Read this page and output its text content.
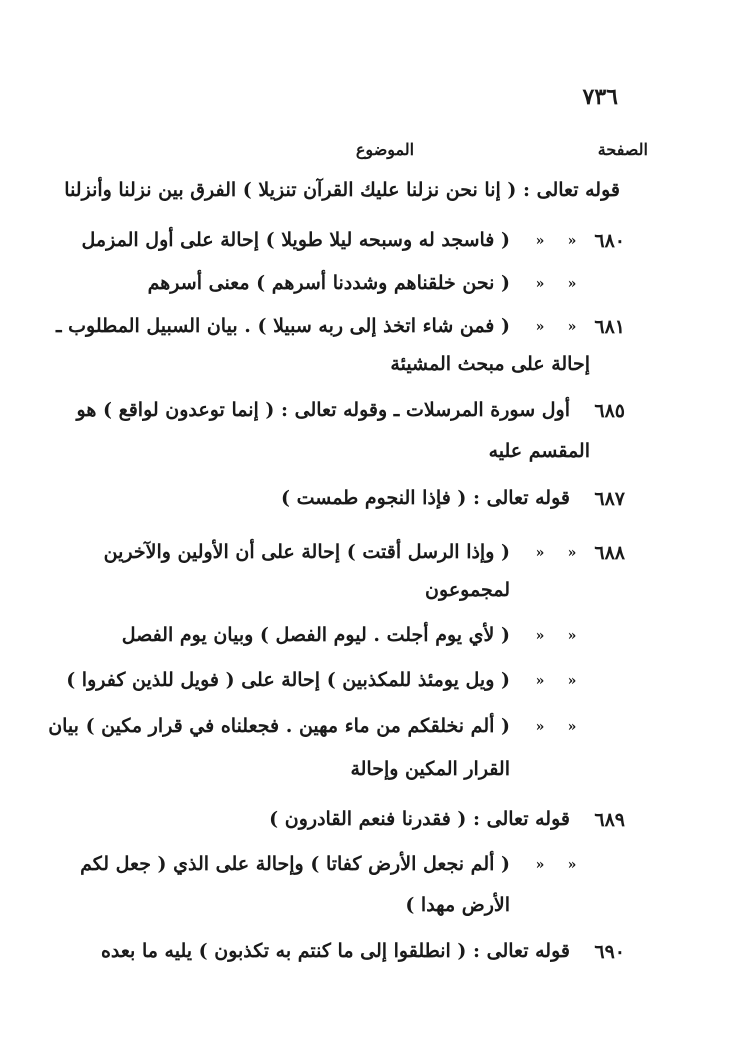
٧٣٦
الصفحة
الموضوع
قوله تعالى : ( إنا نحن نزلنا عليك القرآن تنزيلا ) الفرق بين نزلنا وأنزلنا
٦٨٠
»
»
( فاسجد له وسبحه ليلا طويلا ) إحالة على أول المزمل
»
»
( نحن خلقناهم وشددنا أسرهم ) معنى أسرهم
٦٨١
»
»
( فمن شاء اتخذ إلى ربه سبيلا ) . بيان السبيل المطلوب ـ
إحالة على مبحث المشيئة
٦٨٥
أول سورة المرسلات ـ وقوله تعالى : ( إنما توعدون لواقع ) هو
المقسم عليه
٦٨٧
قوله تعالى : ( فإذا النجوم طمست )
٦٨٨
»
»
( وإذا الرسل أقتت ) إحالة على أن الأولين والآخرين
لمجموعون
»
»
( لأي يوم أجلت . ليوم الفصل ) وبيان يوم الفصل
»
»
( ويل يومئذ للمكذبين ) إحالة على ( فويل للذين كفروا )
»
»
( ألم نخلقكم من ماء مهين . فجعلناه في قرار مكين ) بيان
القرار المكين وإحالة
٦٨٩
قوله تعالى : ( فقدرنا فنعم القادرون )
»
»
( ألم نجعل الأرض كفاتا ) وإحالة على الذي ( جعل لكم
الأرض مهدا )
٦٩٠
قوله تعالى : ( انطلقوا إلى ما كنتم به تكذبون ) يليه ما بعده
